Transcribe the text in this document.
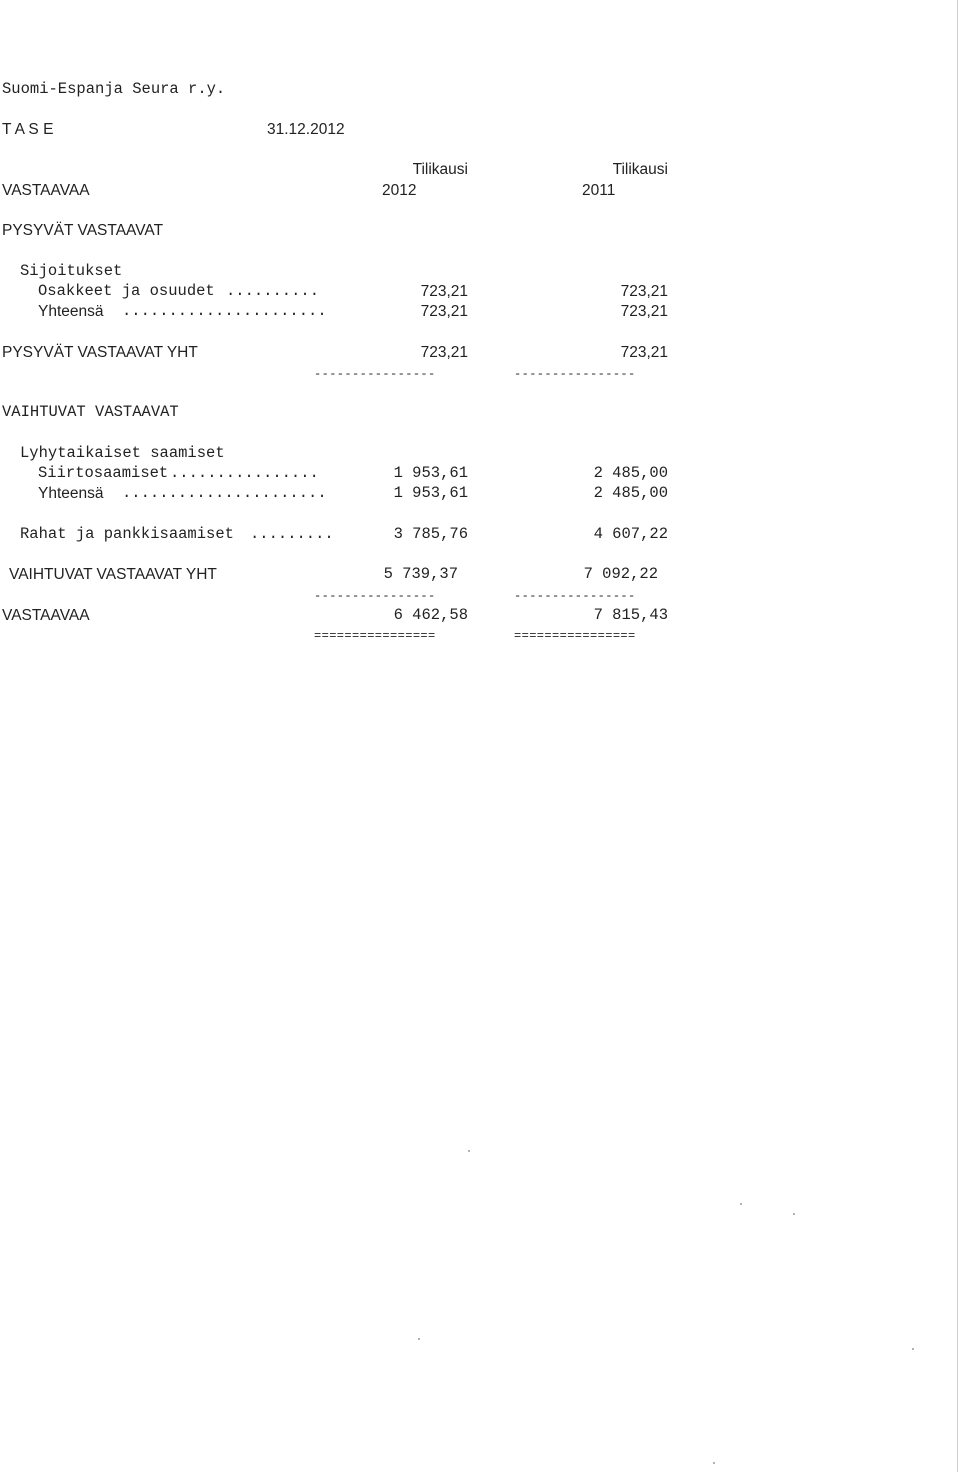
Suomi-Espanja Seura r.y.
T A S E	31.12.2012
Tilikausi	Tilikausi
VASTAAVAA	2012	2011
PYSYVÄT VASTAAVAT
Sijoitukset
Osakkeet ja osuudet ..........	723,21	723,21
Yhteensä ......................	723,21	723,21
PYSYVÄT VASTAAVAT YHT	723,21	723,21
----------------	----------------
VAIHTUVAT VASTAAVAT
Lyhytaikaiset saamiset
Siirtosaamiset ................	1 953,61	2 485,00
Yhteensä ......................	1 953,61	2 485,00
Rahat ja pankkisaamiset .........	3 785,76	4 607,22
VAIHTUVAT VASTAAVAT YHT	5 739,37	7 092,22
----------------	----------------
VASTAAVAA	6 462,58	7 815,43
================	================
